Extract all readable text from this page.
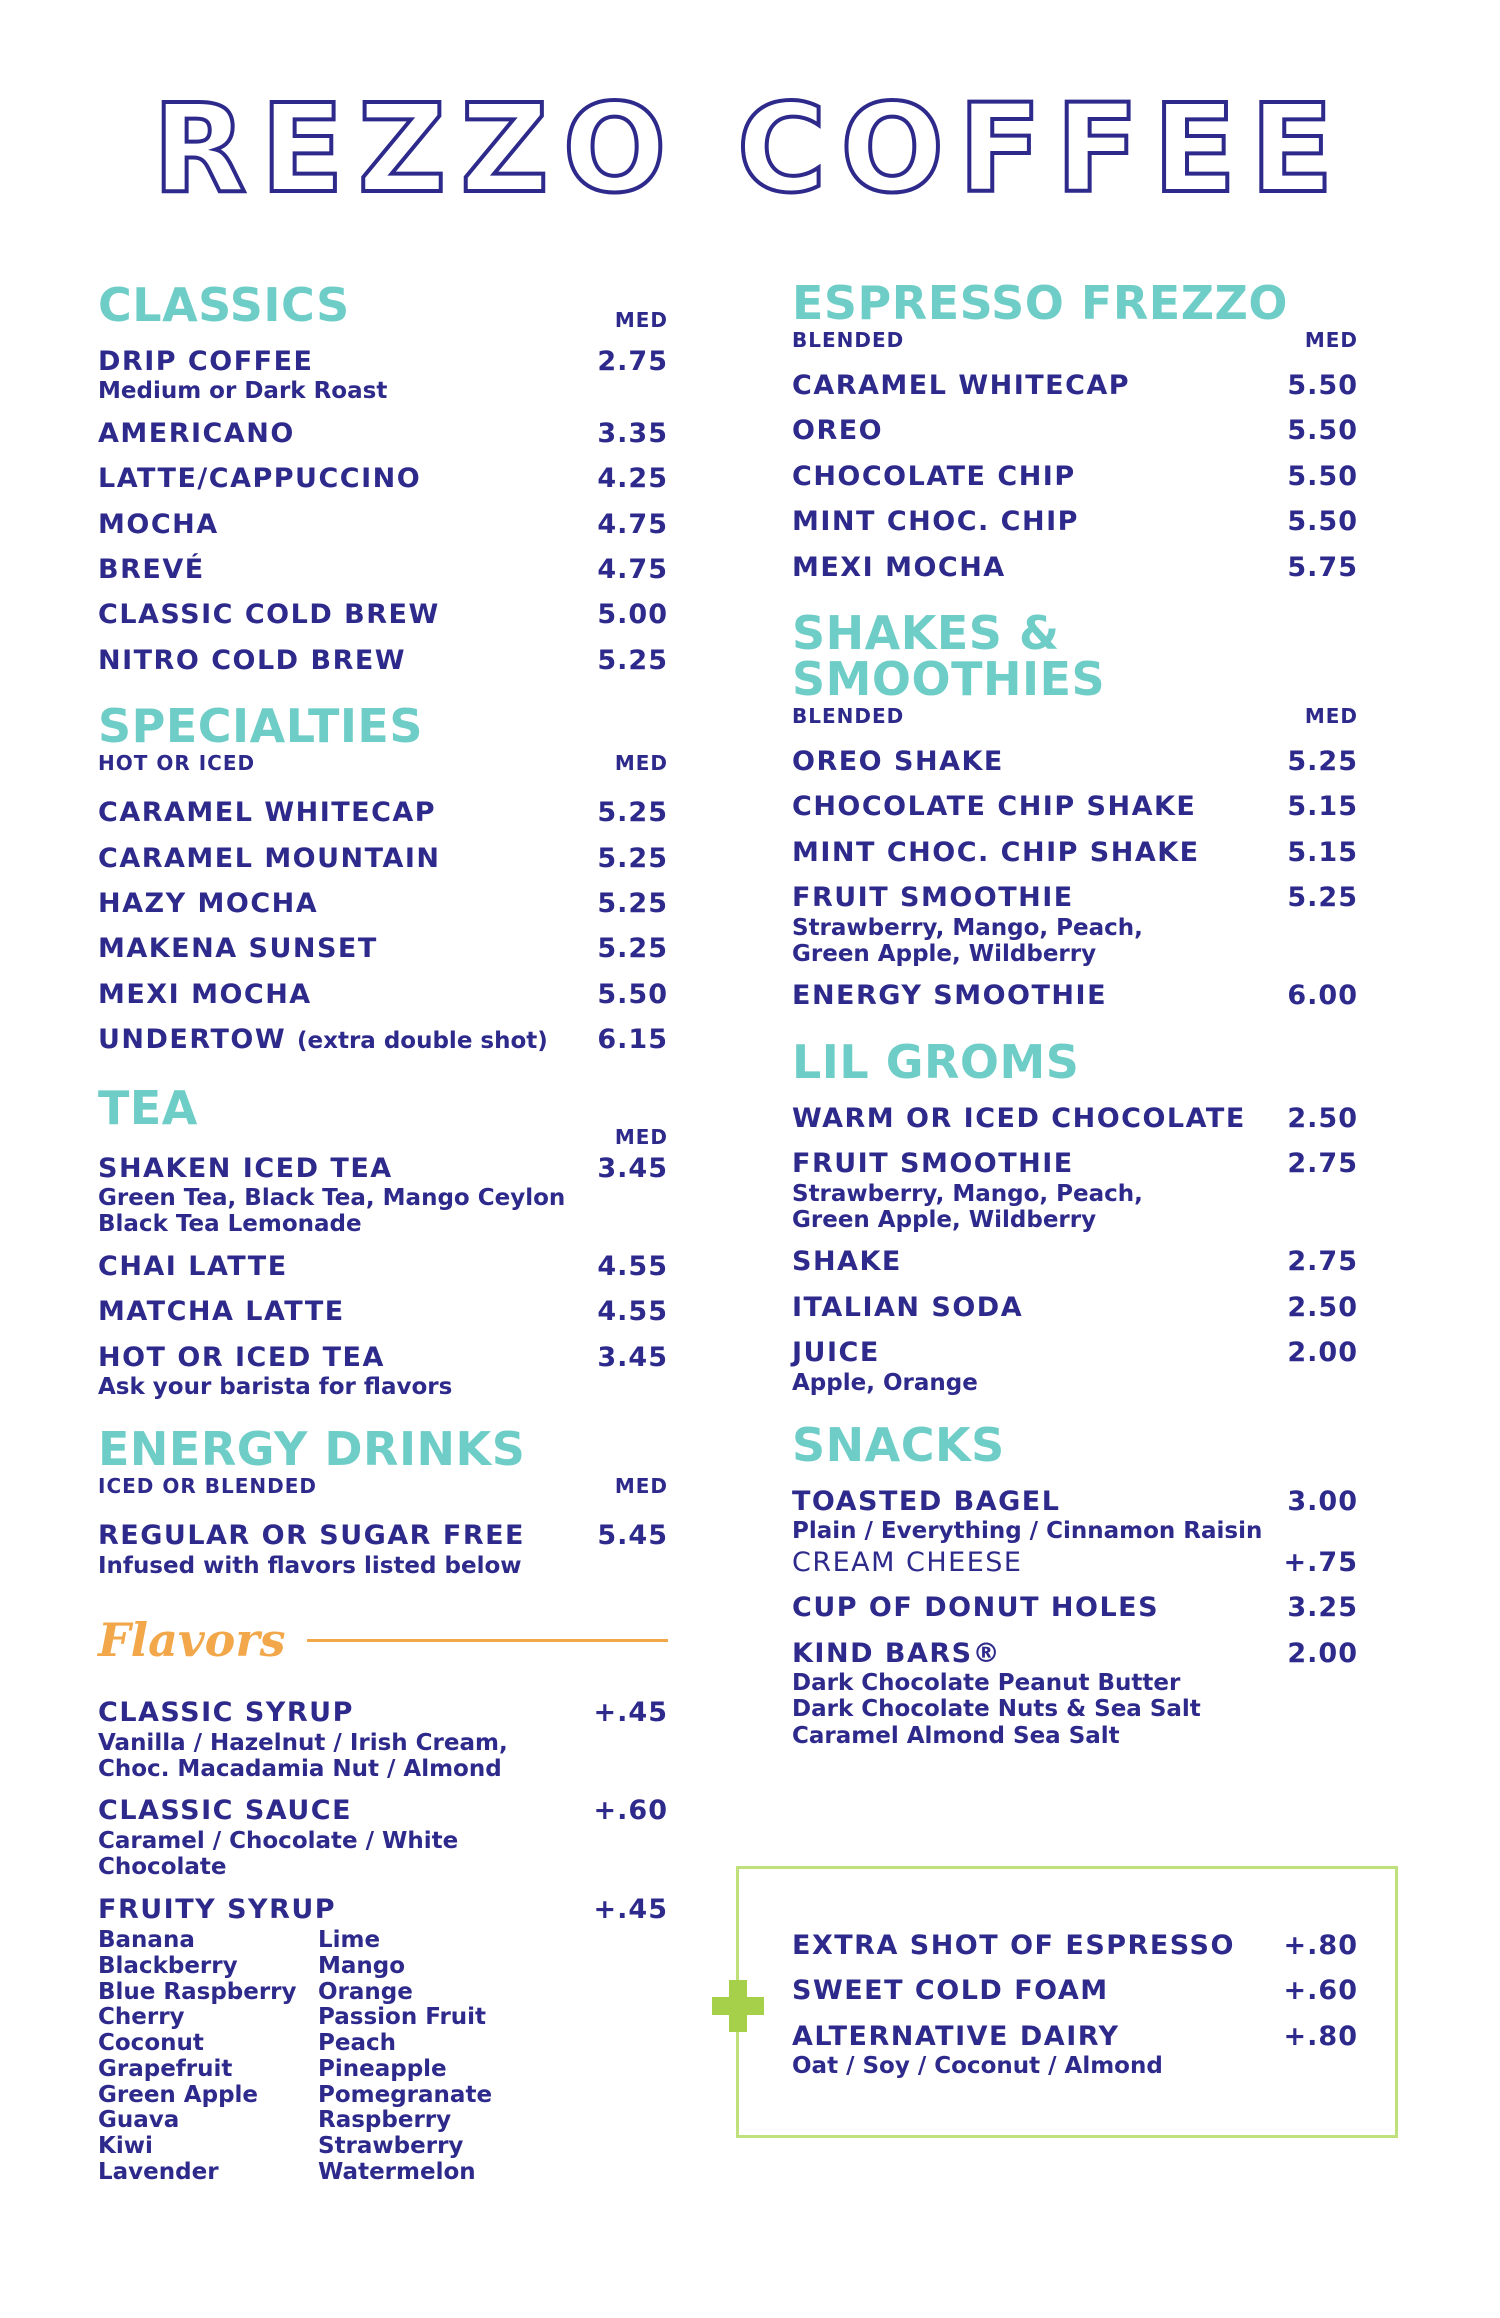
REZZO COFFEE
CLASSICS	MED
DRIP COFFEE
Medium or Dark Roast
2.75
AMERICANO	3.35
LATTE/CAPPUCCINO	4.25
MOCHA	4.75
BREVÉ	4.75
CLASSIC COLD BREW	5.00
NITRO COLD BREW	5.25
SPECIALTIES
HOT OR ICED	MED
CARAMEL WHITECAP	5.25
CARAMEL MOUNTAIN	5.25
HAZY MOCHA	5.25
MAKENA SUNSET	5.25
MEXI MOCHA	5.50
UNDERTOW (extra double shot)	6.15
TEA
MED
SHAKEN ICED TEA
Green Tea, Black Tea, Mango Ceylon
Black Tea Lemonade
3.45
CHAI LATTE	4.55
MATCHA LATTE	4.55
HOT OR ICED TEA
Ask your barista for flavors
3.45
ENERGY DRINKS
ICED OR BLENDED	MED
REGULAR OR SUGAR FREE
Infused with flavors listed below
5.45
Flavors
CLASSIC SYRUP
Vanilla / Hazelnut / Irish Cream,
Choc. Macadamia Nut / Almond
+.45
CLASSIC SAUCE
Caramel / Chocolate / White Chocolate
+.60
FRUITY SYRUP
Banana
Blackberry
Blue Raspberry
Cherry
Coconut
Grapefruit
Green Apple
Guava
Kiwi
Lavender
Lime
Mango
Orange
Passion Fruit
Peach
Pineapple
Pomegranate
Raspberry
Strawberry
Watermelon
+.45
ESPRESSO FREZZO
BLENDED	MED
CARAMEL WHITECAP	5.50
OREO	5.50
CHOCOLATE CHIP	5.50
MINT CHOC. CHIP	5.50
MEXI MOCHA	5.75
SHAKES & SMOOTHIES
BLENDED	MED
OREO SHAKE	5.25
CHOCOLATE CHIP SHAKE	5.15
MINT CHOC. CHIP SHAKE	5.15
FRUIT SMOOTHIE
Strawberry, Mango, Peach,
Green Apple, Wildberry
5.25
ENERGY SMOOTHIE	6.00
LIL GROMS
WARM OR ICED CHOCOLATE	2.50
FRUIT SMOOTHIE
Strawberry, Mango, Peach,
Green Apple, Wildberry
2.75
SHAKE	2.75
ITALIAN SODA	2.50
JUICE
Apple, Orange
2.00
SNACKS
TOASTED BAGEL
Plain / Everything / Cinnamon Raisin
3.00
CREAM CHEESE	+.75
CUP OF DONUT HOLES	3.25
KIND BARS®
Dark Chocolate Peanut Butter
Dark Chocolate Nuts & Sea Salt
Caramel Almond Sea Salt
2.00
EXTRA SHOT OF ESPRESSO	+.80
SWEET COLD FOAM	+.60
ALTERNATIVE DAIRY
Oat / Soy / Coconut / Almond
+.80
